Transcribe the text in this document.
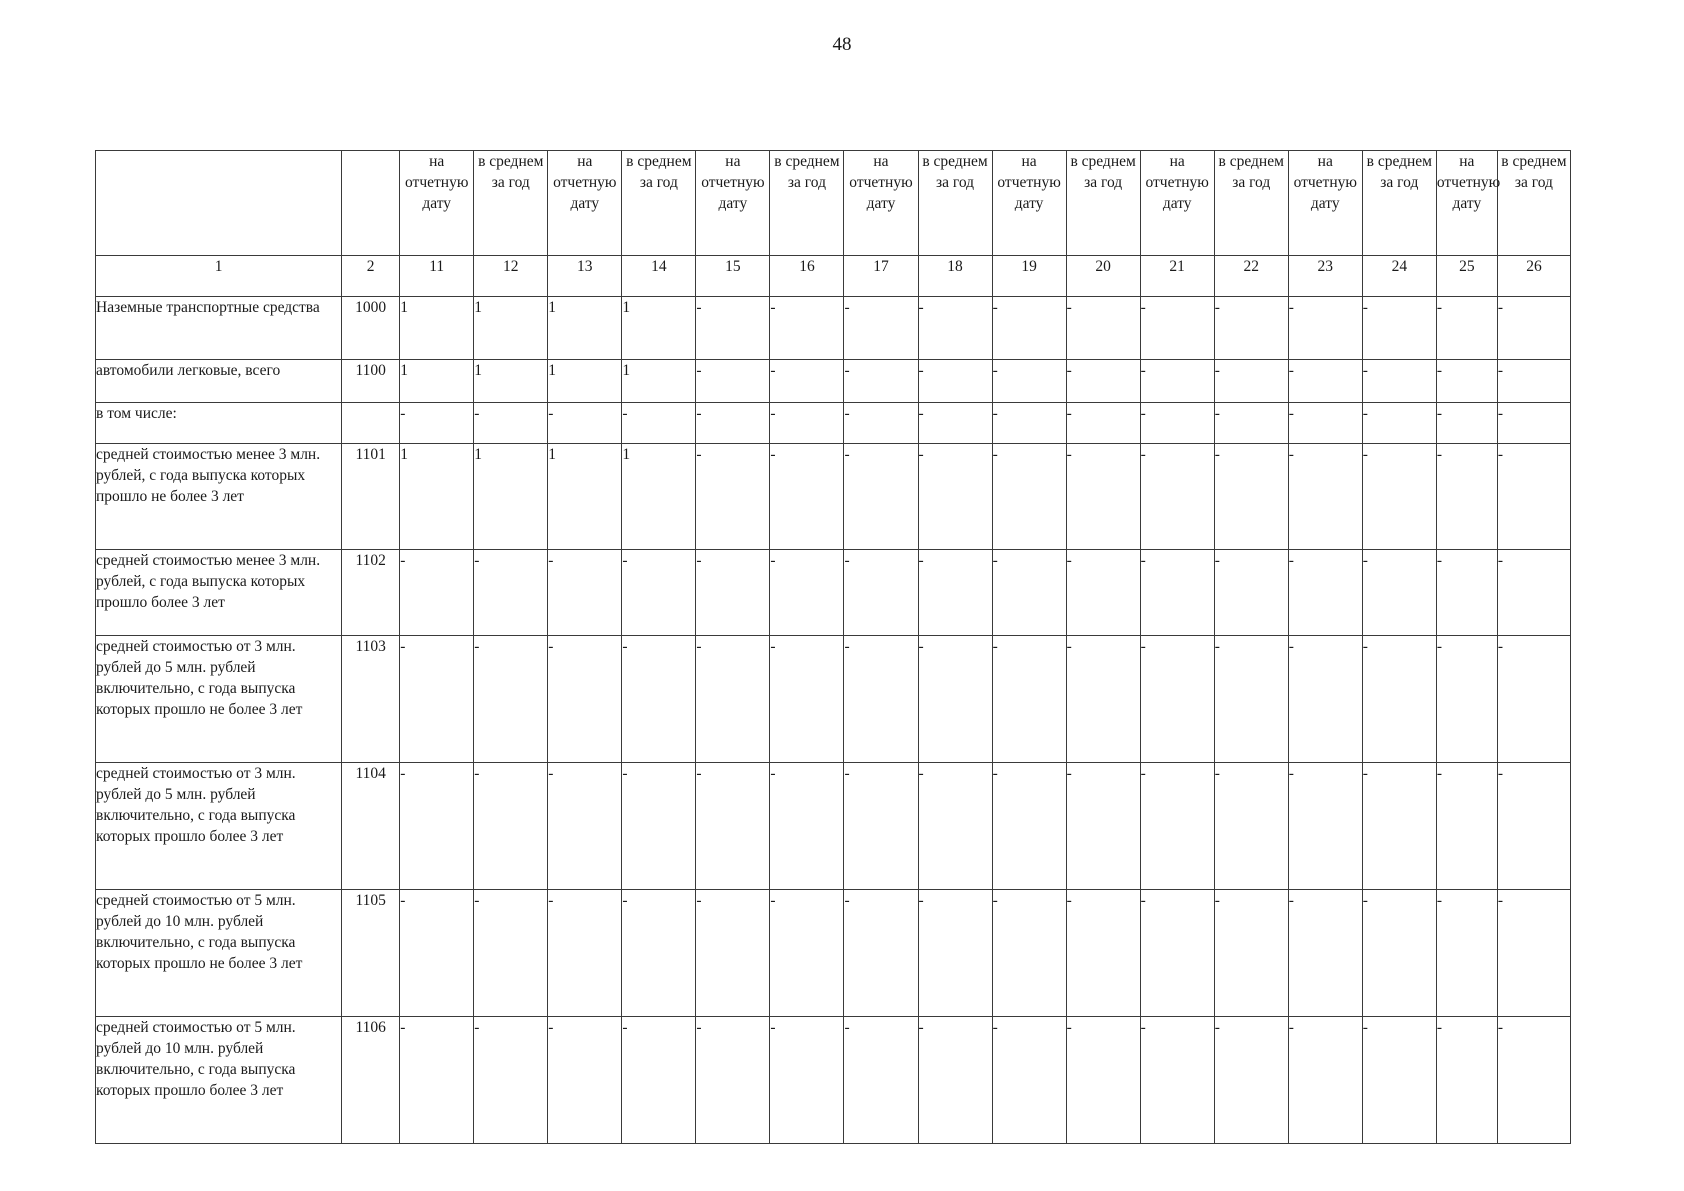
48
		на отчетную дату	в среднем за год	на отчетную дату	в среднем за год	на отчетную дату	в среднем за год	на отчетную дату	в среднем за год	на отчетную дату	в среднем за год	на отчетную дату	в среднем за год	на отчетную дату	в среднем за год	на отчетную дату	в среднем за год
1	2	11	12	13	14	15	16	17	18	19	20	21	22	23	24	25	26
Наземные транспортные средства	1000	1	1	1	1	-	-	-	-	-	-	-	-	-	-	-	-
автомобили легковые, всего	1100	1	1	1	1	-	-	-	-	-	-	-	-	-	-	-	-
в том числе:		-	-	-	-	-	-	-	-	-	-	-	-	-	-	-	-
средней стоимостью менее 3 млн. рублей, с года выпуска которых прошло не более 3 лет	1101	1	1	1	1	-	-	-	-	-	-	-	-	-	-	-	-
средней стоимостью менее 3 млн. рублей, с года выпуска которых прошло более 3 лет	1102	-	-	-	-	-	-	-	-	-	-	-	-	-	-	-	-
средней стоимостью от 3 млн. рублей до 5 млн. рублей включительно, с года выпуска которых прошло не более 3 лет	1103	-	-	-	-	-	-	-	-	-	-	-	-	-	-	-	-
средней стоимостью от 3 млн. рублей до 5 млн. рублей включительно, с года выпуска которых прошло более 3 лет	1104	-	-	-	-	-	-	-	-	-	-	-	-	-	-	-	-
средней стоимостью от 5 млн. рублей до 10 млн. рублей включительно, с года выпуска которых прошло не более 3 лет	1105	-	-	-	-	-	-	-	-	-	-	-	-	-	-	-	-
средней стоимостью от 5 млн. рублей до 10 млн. рублей включительно, с года выпуска которых прошло более 3 лет	1106	-	-	-	-	-	-	-	-	-	-	-	-	-	-	-	-
